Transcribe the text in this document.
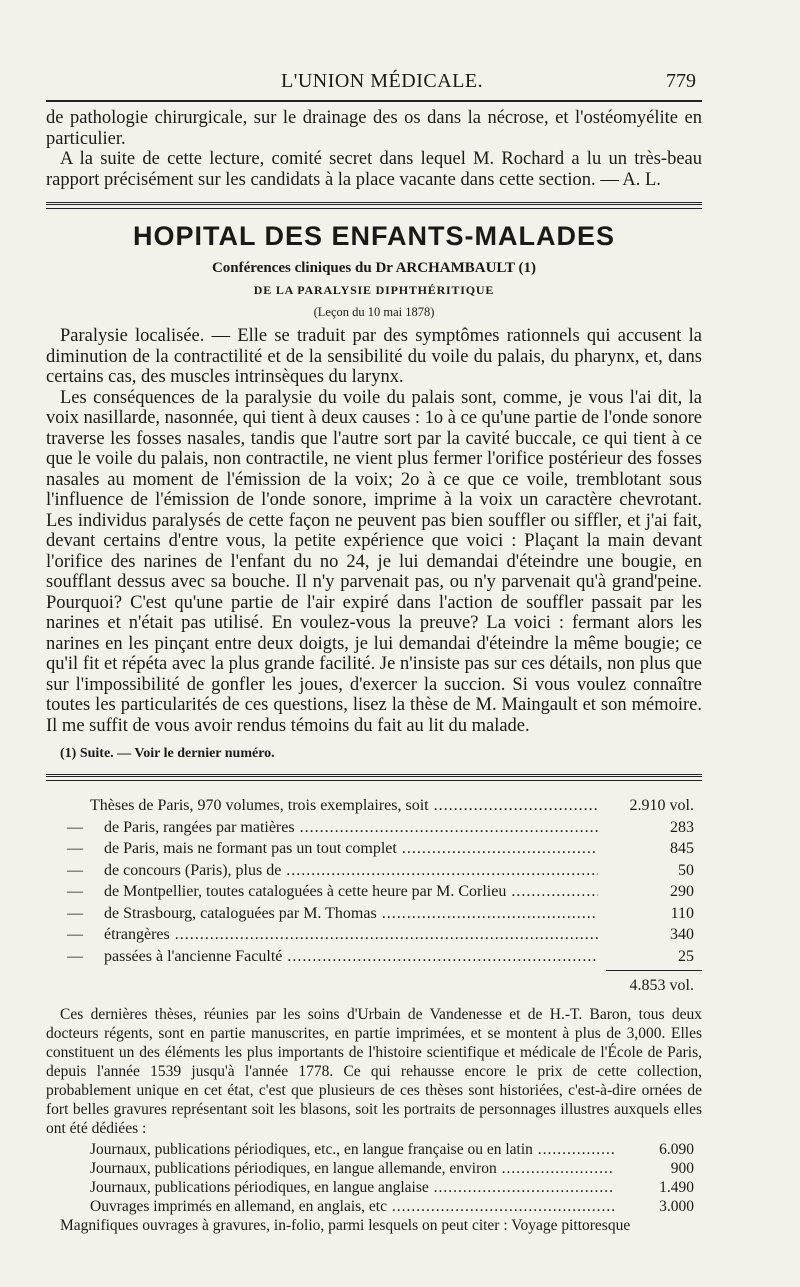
L'UNION MÉDICALE.	779

de pathologie chirurgicale, sur le drainage des os dans la nécrose, et l'ostéomyélite en particulier.

A la suite de cette lecture, comité secret dans lequel M. Rochard a lu un très-beau rapport précisément sur les candidats à la place vacante dans cette section. — A. L.

HOPITAL DES ENFANTS-MALADES
Conférences cliniques du Dr ARCHAMBAULT (1)
DE LA PARALYSIE DIPHTHÉRITIQUE
(Leçon du 10 mai 1878)

Paralysie localisée. — Elle se traduit par des symptômes rationnels qui accusent la diminution de la contractilité et de la sensibilité du voile du palais, du pharynx, et, dans certains cas, des muscles intrinsèques du larynx.

Les conséquences de la paralysie du voile du palais sont, comme, je vous l'ai dit, la voix nasillarde, nasonnée, qui tient à deux causes : 1o à ce qu'une partie de l'onde sonore traverse les fosses nasales, tandis que l'autre sort par la cavité buccale, ce qui tient à ce que le voile du palais, non contractile, ne vient plus fermer l'orifice postérieur des fosses nasales au moment de l'émission de la voix; 2o à ce que ce voile, tremblotant sous l'influence de l'émission de l'onde sonore, imprime à la voix un caractère chevrotant. Les individus paralysés de cette façon ne peuvent pas bien souffler ou siffler, et j'ai fait, devant certains d'entre vous, la petite expérience que voici : Plaçant la main devant l'orifice des narines de l'enfant du no 24, je lui demandai d'éteindre une bougie, en soufflant dessus avec sa bouche. Il n'y parvenait pas, ou n'y parvenait qu'à grand'peine. Pourquoi? C'est qu'une partie de l'air expiré dans l'action de souffler passait par les narines et n'était pas utilisé. En voulez-vous la preuve? La voici : fermant alors les narines en les pinçant entre deux doigts, je lui demandai d'éteindre la même bougie; ce qu'il fit et répéta avec la plus grande facilité. Je n'insiste pas sur ces détails, non plus que sur l'impossibilité de gonfler les joues, d'exercer la succion. Si vous voulez connaître toutes les particularités de ces questions, lisez la thèse de M. Maingault et son mémoire. Il me suffit de vous avoir rendus témoins du fait au lit du malade.

(1) Suite. — Voir le dernier numéro.
Thèses de Paris, 970 volumes, trois exemplaires, soit .....	2.910 vol.
—	de Paris, rangées par matières .....	283
—	de Paris, mais ne formant pas un tout complet .....	845
—	de concours (Paris), plus de .....	50
—	de Montpellier, toutes cataloguées à cette heure par M. Corlieu .....	290
—	de Strasbourg, cataloguées par M. Thomas .....	110
—	étrangères .....	340
—	passées à l'ancienne Faculté .....	25
4.853 vol.

Ces dernières thèses, réunies par les soins d'Urbain de Vandenesse et de H.-T. Baron, tous deux docteurs régents, sont en partie manuscrites, en partie imprimées, et se montent à plus de 3,000. Elles constituent un des éléments les plus importants de l'histoire scientifique et médicale de l'École de Paris, depuis l'année 1539 jusqu'à l'année 1778. Ce qui rehausse encore le prix de cette collection, probablement unique en cet état, c'est que plusieurs de ces thèses sont historiées, c'est-à-dire ornées de fort belles gravures représentant soit les blasons, soit les portraits de personnages illustres auxquels elles ont été dédiées :

Journaux, publications périodiques, etc., en langue française ou en latin .....	6.090
Journaux, publications périodiques, en langue allemande, environ .....	900
Journaux, publications périodiques, en langue anglaise .....	1.490
Ouvrages imprimés en allemand, en anglais, etc .....	3.000

Magnifiques ouvrages à gravures, in-folio, parmi lesquels on peut citer : Voyage pittoresque
